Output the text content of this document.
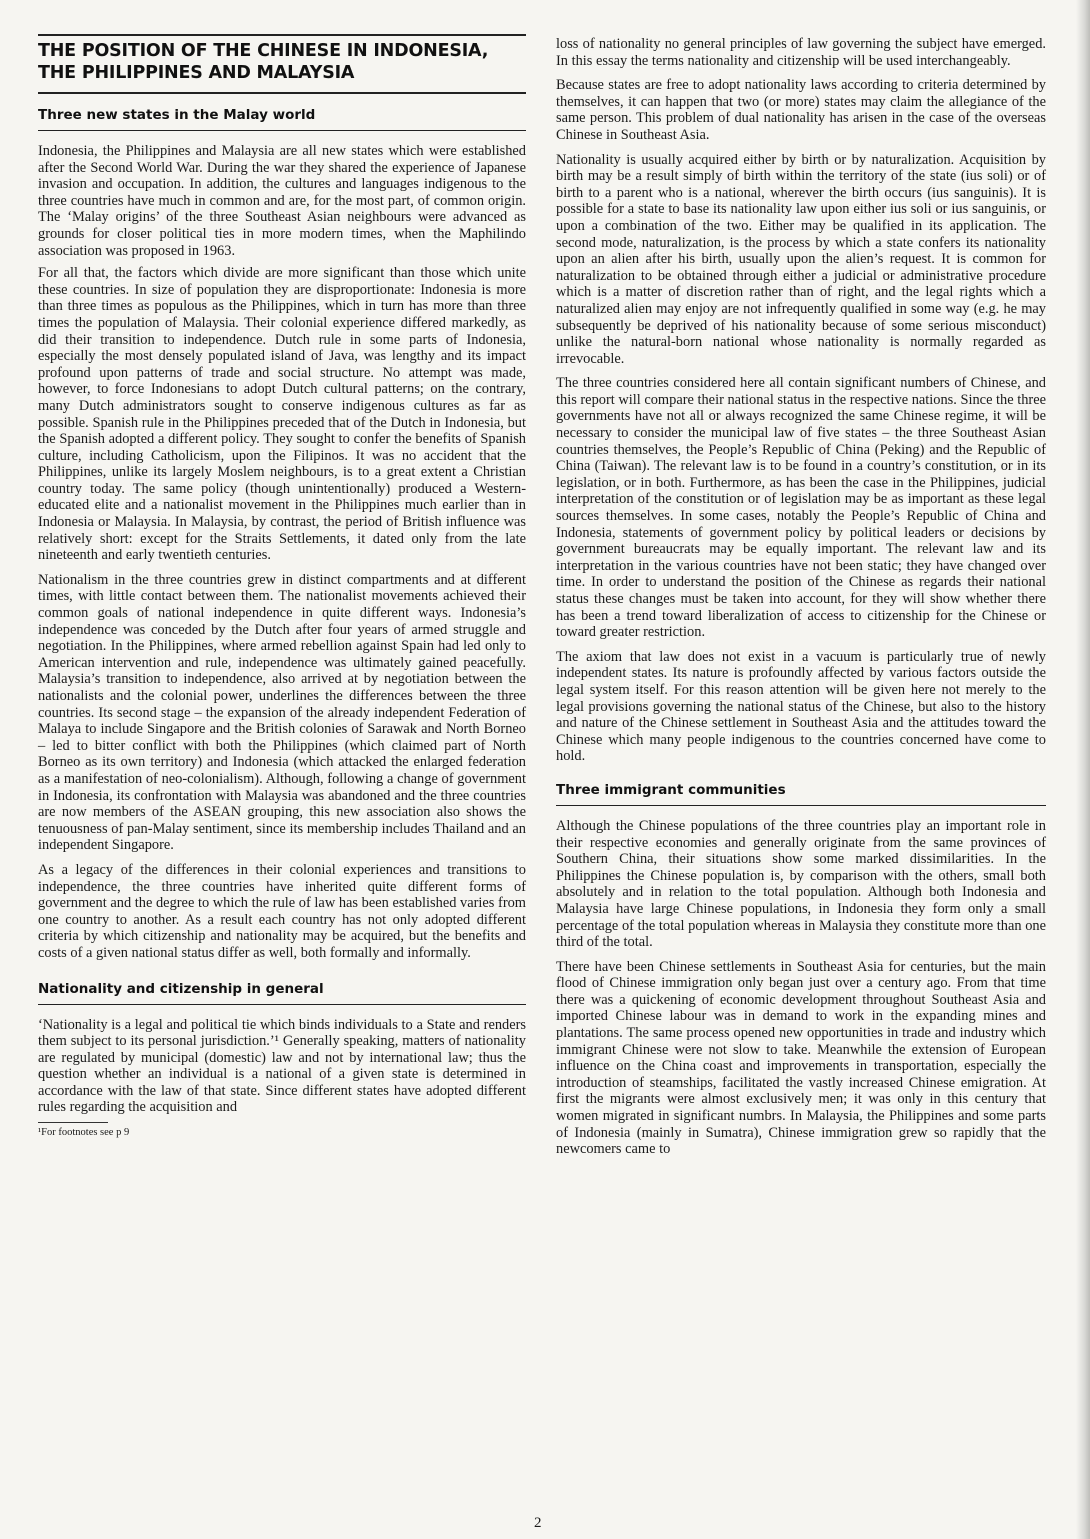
THE POSITION OF THE CHINESE IN INDONESIA,
THE PHILIPPINES AND MALAYSIA
Three new states in the Malay world

Indonesia, the Philippines and Malaysia are all new states which were established after the Second World War. During the war they shared the experience of Japanese invasion and occupation. In addition, the cultures and languages indigenous to the three countries have much in common and are, for the most part, of common origin. The ‘Malay origins’ of the three Southeast Asian neighbours were advanced as grounds for closer political ties in more modern times, when the Maphilindo association was proposed in 1963.

For all that, the factors which divide are more significant than those which unite these countries. In size of population they are disproportionate: Indonesia is more than three times as populous as the Philippines, which in turn has more than three times the population of Malaysia. Their colonial experience differed markedly, as did their transition to independence. Dutch rule in some parts of Indonesia, especially the most densely populated island of Java, was lengthy and its impact profound upon patterns of trade and social structure. No attempt was made, however, to force Indonesians to adopt Dutch cultural patterns; on the contrary, many Dutch administrators sought to conserve indigenous cultures as far as possible. Spanish rule in the Philippines preceded that of the Dutch in Indonesia, but the Spanish adopted a different policy. They sought to confer the benefits of Spanish culture, including Catholicism, upon the Filipinos. It was no accident that the Philippines, unlike its largely Moslem neighbours, is to a great extent a Christian country today. The same policy (though unintentionally) produced a Western-educated elite and a nationalist movement in the Philippines much earlier than in Indonesia or Malaysia. In Malaysia, by contrast, the period of British influence was relatively short: except for the Straits Settlements, it dated only from the late nineteenth and early twentieth centuries.

Nationalism in the three countries grew in distinct compartments and at different times, with little contact between them. The nationalist movements achieved their common goals of national independence in quite different ways. Indonesia’s independence was conceded by the Dutch after four years of armed struggle and negotiation. In the Philippines, where armed rebellion against Spain had led only to American intervention and rule, independence was ultimately gained peacefully. Malaysia’s transition to independence, also arrived at by negotiation between the nationalists and the colonial power, underlines the differences between the three countries. Its second stage – the expansion of the already independent Federation of Malaya to include Singapore and the British colonies of Sarawak and North Borneo – led to bitter conflict with both the Philippines (which claimed part of North Borneo as its own territory) and Indonesia (which attacked the enlarged federation as a manifestation of neo-colonialism). Although, following a change of government in Indonesia, its confrontation with Malaysia was abandoned and the three countries are now members of the ASEAN grouping, this new association also shows the tenuousness of pan-Malay sentiment, since its membership includes Thailand and an independent Singapore.

As a legacy of the differences in their colonial experiences and transitions to independence, the three countries have inherited quite different forms of government and the degree to which the rule of law has been established varies from one country to another. As a result each country has not only adopted different criteria by which citizenship and nationality may be acquired, but the benefits and costs of a given national status differ as well, both formally and informally.

Nationality and citizenship in general

‘Nationality is a legal and political tie which binds individuals to a State and renders them subject to its personal jurisdiction.’¹ Generally speaking, matters of nationality are regulated by municipal (domestic) law and not by international law; thus the question whether an individual is a national of a given state is determined in accordance with the law of that state. Since different states have adopted different rules regarding the acquisition and

¹For footnotes see p 9

loss of nationality no general principles of law governing the subject have emerged. In this essay the terms nationality and citizenship will be used interchangeably.

Because states are free to adopt nationality laws according to criteria determined by themselves, it can happen that two (or more) states may claim the allegiance of the same person. This problem of dual nationality has arisen in the case of the overseas Chinese in Southeast Asia.

Nationality is usually acquired either by birth or by naturalization. Acquisition by birth may be a result simply of birth within the territory of the state (ius soli) or of birth to a parent who is a national, wherever the birth occurs (ius sanguinis). It is possible for a state to base its nationality law upon either ius soli or ius sanguinis, or upon a combination of the two. Either may be qualified in its application. The second mode, naturalization, is the process by which a state confers its nationality upon an alien after his birth, usually upon the alien’s request. It is common for naturalization to be obtained through either a judicial or administrative procedure which is a matter of discretion rather than of right, and the legal rights which a naturalized alien may enjoy are not infrequently qualified in some way (e.g. he may subsequently be deprived of his nationality because of some serious misconduct) unlike the natural-born national whose nationality is normally regarded as irrevocable.

The three countries considered here all contain significant numbers of Chinese, and this report will compare their national status in the respective nations. Since the three governments have not all or always recognized the same Chinese regime, it will be necessary to consider the municipal law of five states – the three Southeast Asian countries themselves, the People’s Republic of China (Peking) and the Republic of China (Taiwan). The relevant law is to be found in a country’s constitution, or in its legislation, or in both. Furthermore, as has been the case in the Philippines, judicial interpretation of the constitution or of legislation may be as important as these legal sources themselves. In some cases, notably the People’s Republic of China and Indonesia, statements of government policy by political leaders or decisions by government bureaucrats may be equally important. The relevant law and its interpretation in the various countries have not been static; they have changed over time. In order to understand the position of the Chinese as regards their national status these changes must be taken into account, for they will show whether there has been a trend toward liberalization of access to citizenship for the Chinese or toward greater restriction.

The axiom that law does not exist in a vacuum is particularly true of newly independent states. Its nature is profoundly affected by various factors outside the legal system itself. For this reason attention will be given here not merely to the legal provisions governing the national status of the Chinese, but also to the history and nature of the Chinese settlement in Southeast Asia and the attitudes toward the Chinese which many people indigenous to the countries concerned have come to hold.

Three immigrant communities

Although the Chinese populations of the three countries play an important role in their respective economies and generally originate from the same provinces of Southern China, their situations show some marked dissimilarities. In the Philippines the Chinese population is, by comparison with the others, small both absolutely and in relation to the total population. Although both Indonesia and Malaysia have large Chinese populations, in Indonesia they form only a small percentage of the total population whereas in Malaysia they constitute more than one third of the total.

There have been Chinese settlements in Southeast Asia for centuries, but the main flood of Chinese immigration only began just over a century ago. From that time there was a quickening of economic development throughout Southeast Asia and imported Chinese labour was in demand to work in the expanding mines and plantations. The same process opened new opportunities in trade and industry which immigrant Chinese were not slow to take. Meanwhile the extension of European influence on the China coast and improvements in transportation, especially the introduction of steamships, facilitated the vastly increased Chinese emigration. At first the migrants were almost exclusively men; it was only in this century that women migrated in significant numbrs. In Malaysia, the Philippines and some parts of Indonesia (mainly in Sumatra), Chinese immigration grew so rapidly that the newcomers came to

2
